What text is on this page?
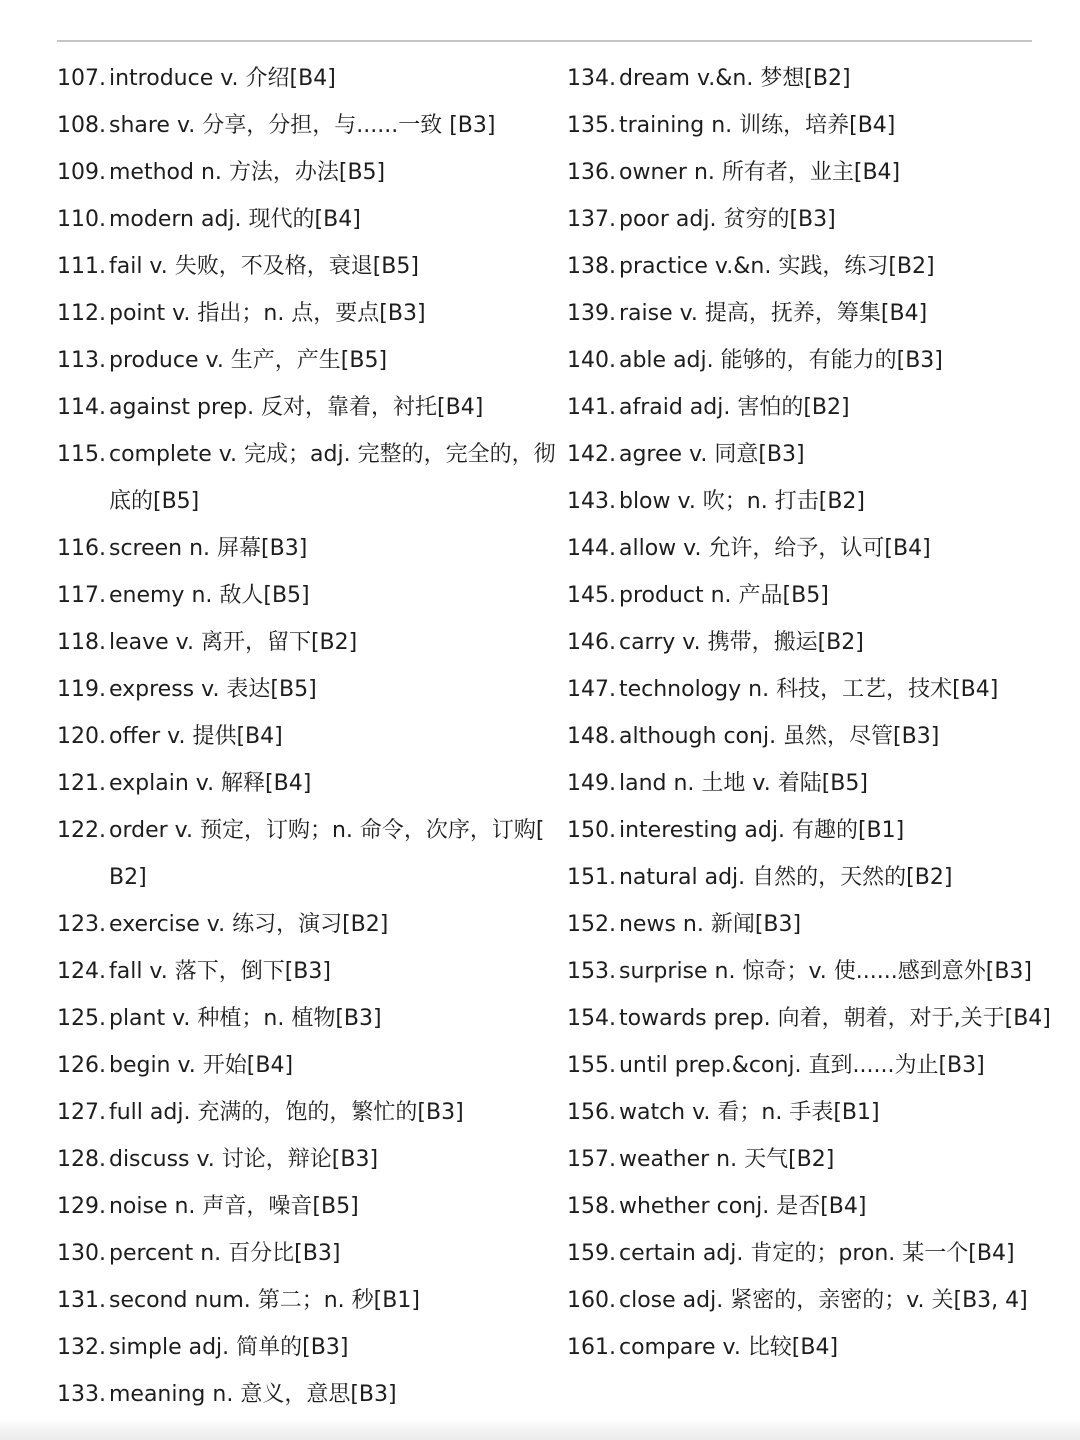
107. introduce v. 介绍[B4]
108. share v. 分享，分担，与......一致 [B3]
109. method n. 方法，办法[B5]
110. modern adj. 现代的[B4]
111. fail v. 失败，不及格，衰退[B5]
112. point v. 指出；n. 点，要点[B3]
113. produce v. 生产，产生[B5]
114. against prep. 反对，靠着，衬托[B4]
115. complete v. 完成；adj. 完整的，完全的，彻底的[B5]
116. screen n. 屏幕[B3]
117. enemy n. 敌人[B5]
118. leave v. 离开，留下[B2]
119. express v. 表达[B5]
120. offer v. 提供[B4]
121. explain v. 解释[B4]
122. order v. 预定，订购；n. 命令，次序，订购[B2]
123. exercise v. 练习，演习[B2]
124. fall v. 落下，倒下[B3]
125. plant v. 种植；n. 植物[B3]
126. begin v. 开始[B4]
127. full adj. 充满的，饱的，繁忙的[B3]
128. discuss v. 讨论，辩论[B3]
129. noise n. 声音，噪音[B5]
130. percent n. 百分比[B3]
131. second num. 第二；n. 秒[B1]
132. simple adj. 简单的[B3]
133. meaning n. 意义，意思[B3]
134. dream v.&n. 梦想[B2]
135. training n. 训练，培养[B4]
136. owner n. 所有者，业主[B4]
137. poor adj. 贫穷的[B3]
138. practice v.&n. 实践，练习[B2]
139. raise v. 提高，抚养，筹集[B4]
140. able adj. 能够的，有能力的[B3]
141. afraid adj. 害怕的[B2]
142. agree v. 同意[B3]
143. blow v. 吹；n. 打击[B2]
144. allow v. 允许，给予，认可[B4]
145. product n. 产品[B5]
146. carry v. 携带，搬运[B2]
147. technology n. 科技，工艺，技术[B4]
148. although conj. 虽然，尽管[B3]
149. land n. 土地 v. 着陆[B5]
150. interesting adj. 有趣的[B1]
151. natural adj. 自然的，天然的[B2]
152. news n. 新闻[B3]
153. surprise n. 惊奇；v. 使......感到意外[B3]
154. towards prep. 向着，朝着，对于,关于[B4]
155. until prep.&conj. 直到......为止[B3]
156. watch v. 看；n. 手表[B1]
157. weather n. 天气[B2]
158. whether conj. 是否[B4]
159. certain adj. 肯定的；pron. 某一个[B4]
160. close adj. 紧密的，亲密的；v. 关[B3, 4]
161. compare v. 比较[B4]
